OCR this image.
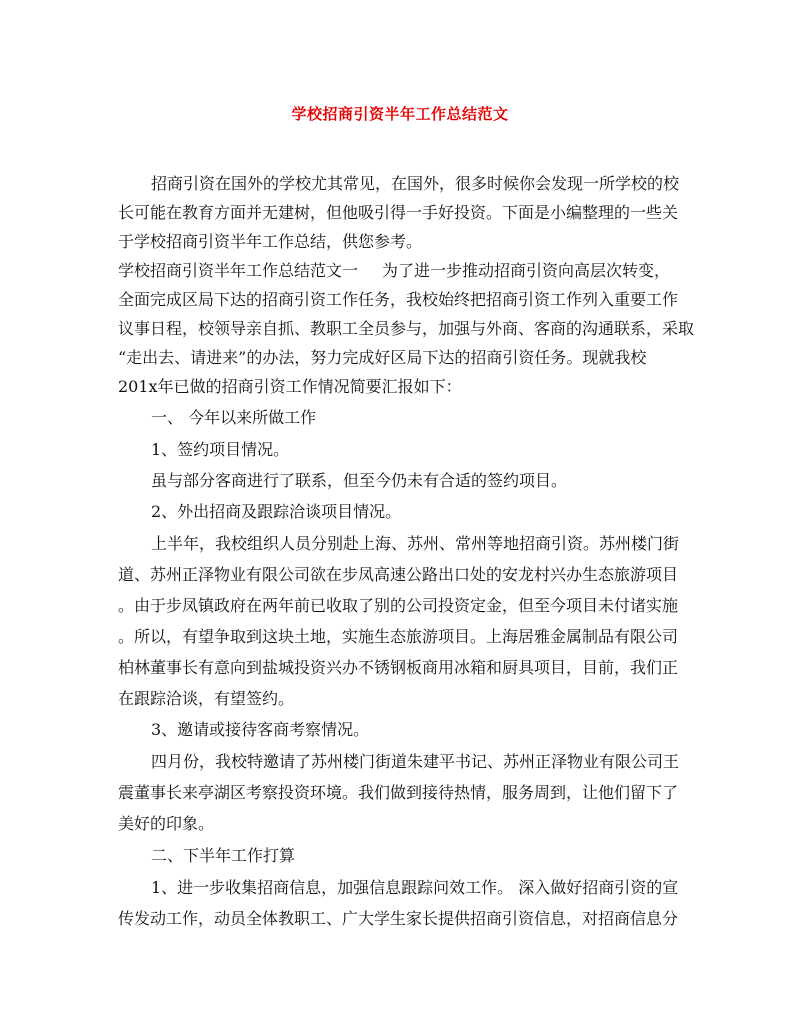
学校招商引资半年工作总结范文
招商引资在国外的学校尤其常见，在国外，很多时候你会发现一所学校的校
长可能在教育方面并无建树，但他吸引得一手好投资。下面是小编整理的一些关
于学校招商引资半年工作总结，供您参考。
学校招商引资半年工作总结范文一 为了进一步推动招商引资向高层次转变，
全面完成区局下达的招商引资工作任务，我校始终把招商引资工作列入重要工作
议事日程，校领导亲自抓、教职工全员参与，加强与外商、客商的沟通联系，采取
“走出去、请进来”的办法，努力完成好区局下达的招商引资任务。现就我校
201x年已做的招商引资工作情况简要汇报如下：
一、 今年以来所做工作
1、签约项目情况。
虽与部分客商进行了联系，但至今仍未有合适的签约项目。
2、外出招商及跟踪洽谈项目情况。
上半年，我校组织人员分别赴上海、苏州、常州等地招商引资。苏州楼门街
道、苏州正泽物业有限公司欲在步凤高速公路出口处的安龙村兴办生态旅游项目
。由于步凤镇政府在两年前已收取了别的公司投资定金，但至今项目未付诸实施
。所以，有望争取到这块土地，实施生态旅游项目。上海居雅金属制品有限公司
柏林董事长有意向到盐城投资兴办不锈钢板商用冰箱和厨具项目，目前，我们正
在跟踪洽谈，有望签约。
3、邀请或接待客商考察情况。
四月份，我校特邀请了苏州楼门街道朱建平书记、苏州正泽物业有限公司王
震董事长来亭湖区考察投资环境。我们做到接待热情，服务周到，让他们留下了
美好的印象。
二、下半年工作打算
1、进一步收集招商信息，加强信息跟踪问效工作。 深入做好招商引资的宣
传发动工作，动员全体教职工、广大学生家长提供招商引资信息，对招商信息分
